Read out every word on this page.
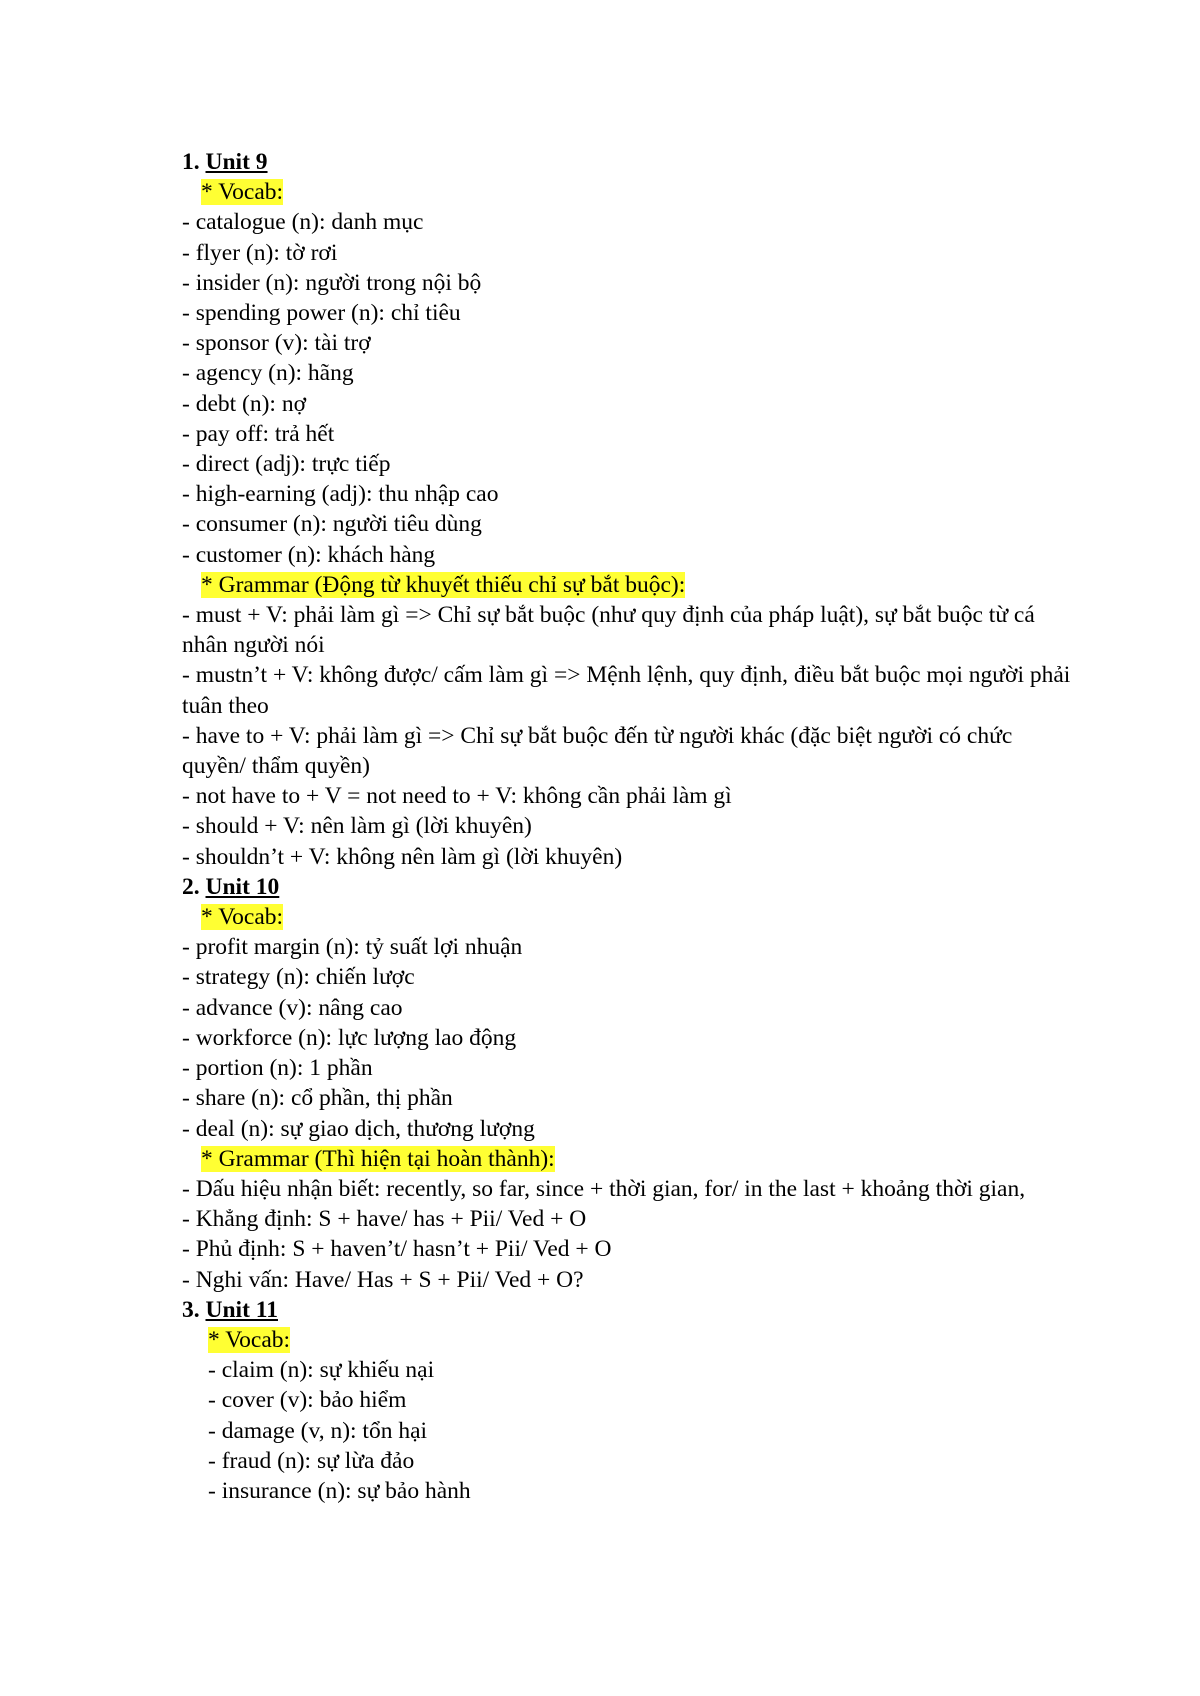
1. Unit 9
* Vocab:
- catalogue (n): danh mục
- flyer (n): tờ rơi
- insider (n): người trong nội bộ
- spending power (n): chỉ tiêu
- sponsor (v): tài trợ
- agency (n): hãng
- debt (n): nợ
- pay off: trả hết
- direct (adj): trực tiếp
- high-earning (adj): thu nhập cao
- consumer (n): người tiêu dùng
- customer (n): khách hàng
* Grammar (Động từ khuyết thiếu chỉ sự bắt buộc):
- must + V: phải làm gì => Chỉ sự bắt buộc (như quy định của pháp luật), sự bắt buộc từ cá nhân người nói
- mustn’t + V: không được/ cấm làm gì => Mệnh lệnh, quy định, điều bắt buộc mọi người phải tuân theo
- have to + V: phải làm gì => Chỉ sự bắt buộc đến từ người khác (đặc biệt người có chức quyền/ thẩm quyền)
- not have to + V = not need to + V: không cần phải làm gì
- should + V: nên làm gì (lời khuyên)
- shouldn’t + V: không nên làm gì (lời khuyên)
2. Unit 10
* Vocab:
- profit margin (n): tỷ suất lợi nhuận
- strategy (n): chiến lược
- advance (v): nâng cao
- workforce (n): lực lượng lao động
- portion (n): 1 phần
- share (n): cổ phần, thị phần
- deal (n): sự giao dịch, thương lượng
* Grammar (Thì hiện tại hoàn thành):
- Dấu hiệu nhận biết: recently, so far, since + thời gian, for/ in the last + khoảng thời gian,
- Khẳng định: S + have/ has + Pii/ Ved + O
- Phủ định: S + haven’t/ hasn’t + Pii/ Ved + O
- Nghi vấn: Have/ Has + S + Pii/ Ved + O?
3. Unit 11
* Vocab:
- claim (n): sự khiếu nại
- cover (v): bảo hiểm
- damage (v, n): tổn hại
- fraud (n): sự lừa đảo
- insurance (n): sự bảo hành
